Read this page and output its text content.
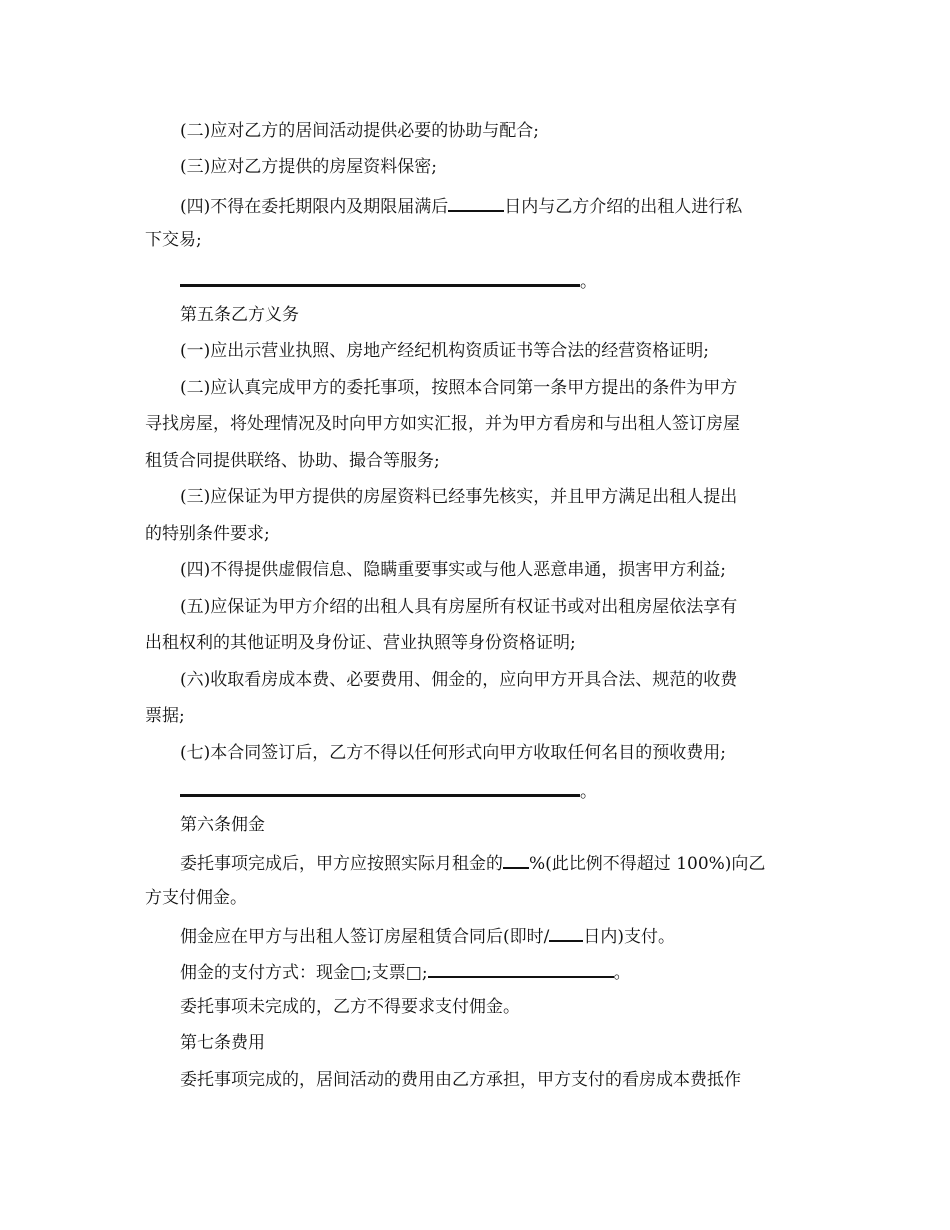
(二)应对乙方的居间活动提供必要的协助与配合;
(三)应对乙方提供的房屋资料保密;
(四)不得在委托期限内及期限届满后	日内与乙方介绍的出租人进行私
下交易;
。
第五条乙方义务
(一)应出示营业执照、房地产经纪机构资质证书等合法的经营资格证明;
(二)应认真完成甲方的委托事项，按照本合同第一条甲方提出的条件为甲方
寻找房屋，将处理情况及时向甲方如实汇报，并为甲方看房和与出租人签订房屋
租赁合同提供联络、协助、撮合等服务;
(三)应保证为甲方提供的房屋资料已经事先核实，并且甲方满足出租人提出
的特别条件要求;
(四)不得提供虚假信息、隐瞒重要事实或与他人恶意串通，损害甲方利益;
(五)应保证为甲方介绍的出租人具有房屋所有权证书或对出租房屋依法享有
出租权利的其他证明及身份证、营业执照等身份资格证明;
(六)收取看房成本费、必要费用、佣金的，应向甲方开具合法、规范的收费
票据;
(七)本合同签订后，乙方不得以任何形式向甲方收取任何名目的预收费用;
。
第六条佣金
委托事项完成后，甲方应按照实际月租金的 %(此比例不得超过 100%)向乙
方支付佣金。
佣金应在甲方与出租人签订房屋租赁合同后(即时/ 日内)支付。
佣金的支付方式：现金□;支票□;	。
委托事项未完成的，乙方不得要求支付佣金。
第七条费用
委托事项完成的，居间活动的费用由乙方承担，甲方支付的看房成本费抵作
